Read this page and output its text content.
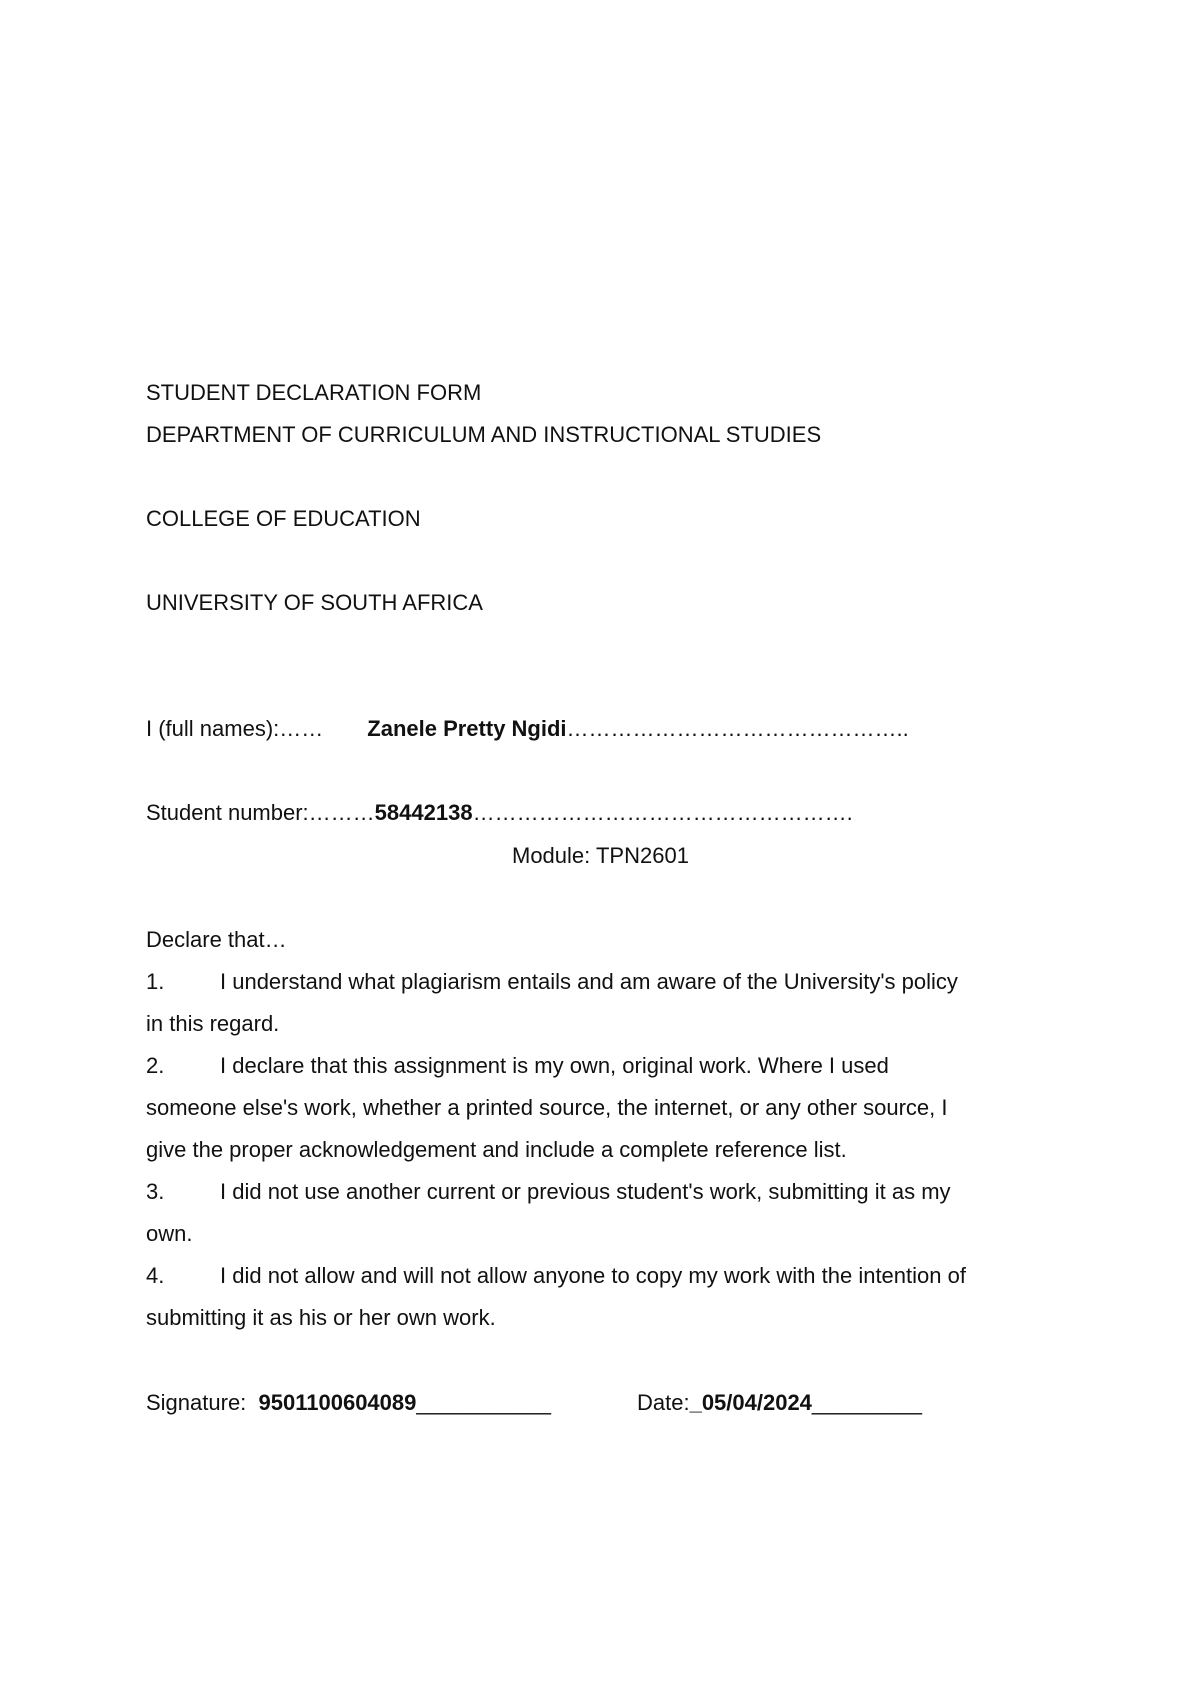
STUDENT DECLARATION FORM
DEPARTMENT OF CURRICULUM AND INSTRUCTIONAL STUDIES
COLLEGE OF EDUCATION
UNIVERSITY OF SOUTH AFRICA
I (full names):…… Zanele Pretty Ngidi………………………………………..
Student number:………58442138…………………………………………….
Module: TPN2601
Declare that…
1.	I understand what plagiarism entails and am aware of the University's policy
in this regard.
2.	I declare that this assignment is my own, original work. Where I used
someone else's work, whether a printed source, the internet, or any other source, I
give the proper acknowledgement and include a complete reference list.
3.	I did not use another current or previous student's work, submitting it as my
own.
4.	I did not allow and will not allow anyone to copy my work with the intention of
submitting it as his or her own work.
Signature: 9501100604089___________	Date:_05/04/2024_________
